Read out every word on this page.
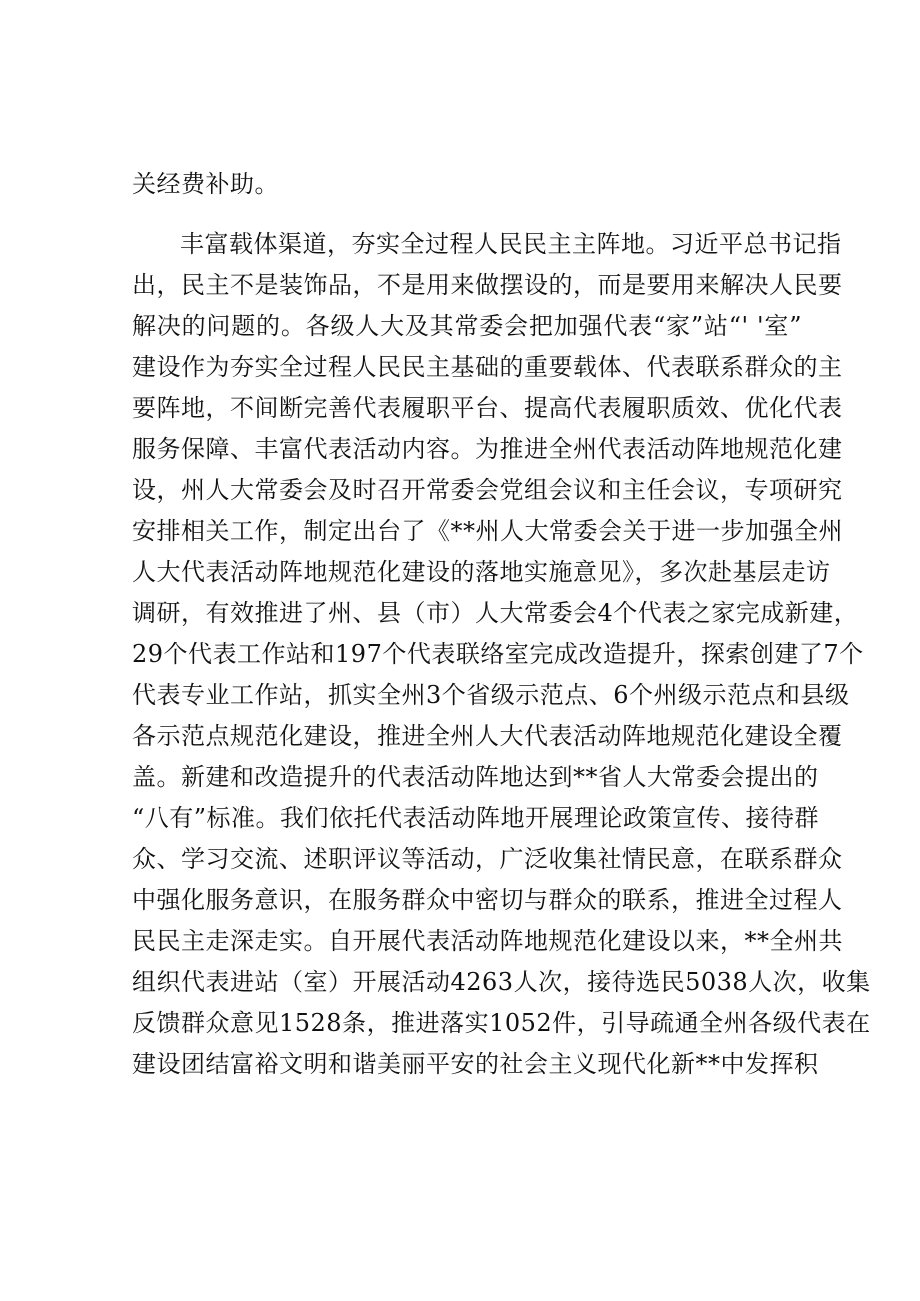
关经费补助。
丰富载体渠道，夯实全过程人民民主主阵地。习近平总书记指
出，民主不是装饰品，不是用来做摆设的，而是要用来解决人民要
解决的问题的。各级人大及其常委会把加强代表“家”站“' '室”
建设作为夯实全过程人民民主基础的重要载体、代表联系群众的主
要阵地，不间断完善代表履职平台、提高代表履职质效、优化代表
服务保障、丰富代表活动内容。为推进全州代表活动阵地规范化建
设，州人大常委会及时召开常委会党组会议和主任会议，专项研究
安排相关工作，制定出台了《**州人大常委会关于进一步加强全州
人大代表活动阵地规范化建设的落地实施意见》，多次赴基层走访
调研，有效推进了州、县（市）人大常委会4个代表之家完成新建，
29个代表工作站和197个代表联络室完成改造提升，探索创建了7个
代表专业工作站，抓实全州3个省级示范点、6个州级示范点和县级
各示范点规范化建设，推进全州人大代表活动阵地规范化建设全覆
盖。新建和改造提升的代表活动阵地达到**省人大常委会提出的
“八有”标准。我们依托代表活动阵地开展理论政策宣传、接待群
众、学习交流、述职评议等活动，广泛收集社情民意，在联系群众
中强化服务意识，在服务群众中密切与群众的联系，推进全过程人
民民主走深走实。自开展代表活动阵地规范化建设以来，**全州共
组织代表进站（室）开展活动4263人次，接待选民5038人次，收集
反馈群众意见1528条，推进落实1052件，引导疏通全州各级代表在
建设团结富裕文明和谐美丽平安的社会主义现代化新**中发挥积
